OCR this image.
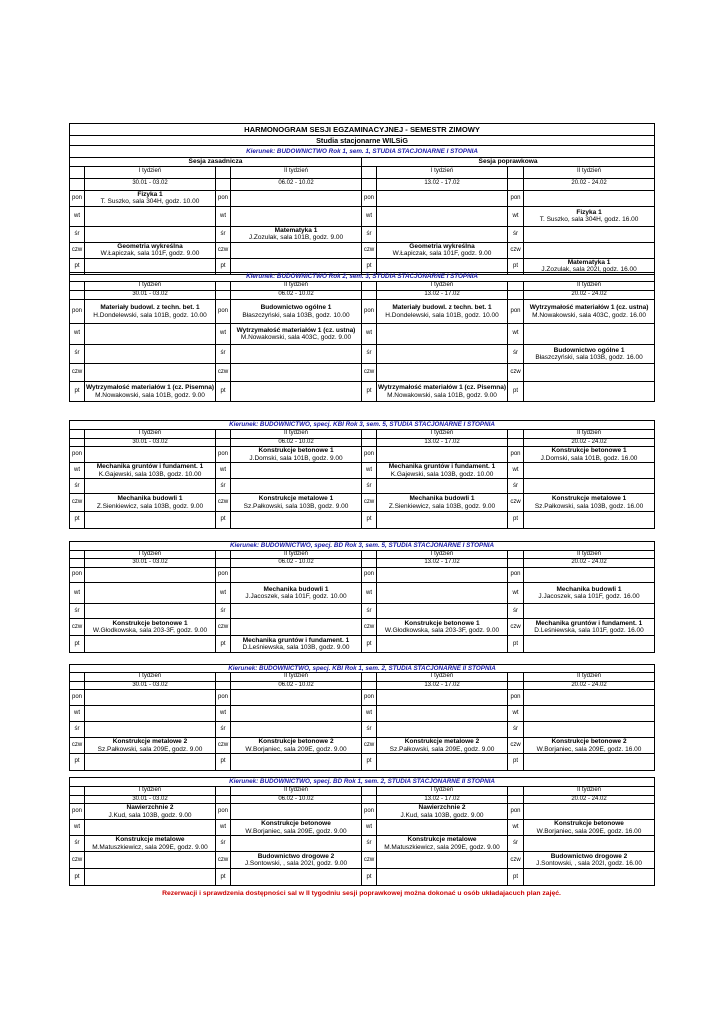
HARMONOGRAM SESJI EGZAMINACYJNEJ - SEMESTR ZIMOWY							
Studia stacjonarne WILSiG							
Kierunek: BUDOWNICTWO Rok 1, sem. 1, STUDIA STACJONARNE I STOPNIA							
Sesja zasadnicza				Sesja poprawkowa			
	I tydzień		II tydzień		I tydzień		II tydzień
	30.01 - 03.02		06.02 - 10.02		13.02 - 17.02		20.02 - 24.02
pon	Fizyka 1
T. Suszko, sala 304H, godz. 10.00	pon		pon		pon	

wt		wt		wt		wt	Fizyka 1
T. Suszko, sala 304H, godz. 16.00

śr		śr	Matematyka 1
J.Zozulak, sala 101B, godz. 9.00	śr		śr	

czw	Geometria wykreślna
W.Łapiczak, sala 101F, godz. 9.00	czw		czw	Geometria wykreślna
W.Łapiczak, sala 101F, godz. 9.00	czw	

pt		pt		pt		pt	Matematyka 1
J.Zozulak, sala 202I, godz. 16.00
Kierunek: BUDOWNICTWO Rok 2, sem. 3, STUDIA STACJONARNE I STOPNIA							
	I tydzień		II tydzień		I tydzień		II tydzień
	30.01 - 03.02		06.02 - 10.02		13.02 - 17.02		20.02 - 24.02
pon	Materiały budowl. z techn. bet. 1
H.Dondelewski, sala 101B, godz. 10.00	pon	Budownictwo ogólne 1
Błaszczyński, sala 103B, godz. 10.00	pon	Materiały budowl. z techn. bet. 1
H.Dondelewski, sala 101B, godz. 10.00	pon	Wytrzymałość materiałów 1 (cz. ustna)
M.Nowakowski, sala 403C, godz. 16.00

wt		wt	Wytrzymałość materiałów 1 (cz. ustna)
M.Nowakowski, sala 403C, godz. 9.00	wt		wt	

śr		śr		śr		śr	Budownictwo ogólne 1
Błaszczyński, sala 103B, godz. 16.00

czw		czw		czw		czw	

pt	Wytrzymałość materiałów 1 (cz. Pisemna)
M.Nowakowski, sala 101B, godz. 9.00	pt		pt	Wytrzymałość materiałów 1 (cz. Pisemna)
M.Nowakowski, sala 101B, godz. 9.00	pt	
Kierunek: BUDOWNICTWO, specj. KBI Rok 3, sem. 5, STUDIA STACJONARNE I STOPNIA							
	I tydzień		II tydzień		I tydzień		II tydzień
	30.01 - 03.02		06.02 - 10.02		13.02 - 17.02		20.02 - 24.02
pon		pon	Konstrukcje betonowe 1
J.Domski, sala 101B, godz. 9.00	pon		pon	Konstrukcje betonowe 1
J.Domski, sala 101B, godz. 16.00

wt	Mechanika gruntów i fundament. 1
K.Gajewski, sala 103B, godz. 10.00	wt		wt	Mechanika gruntów i fundament. 1
K.Gajewski, sala 103B, godz. 10.00	wt	

śr		śr		śr		śr	

czw	Mechanika budowli 1
Z.Sienkiewicz, sala 103B, godz. 9.00	czw	Konstrukcje metalowe 1
Sz.Pałkowski, sala 103B, godz. 9.00	czw	Mechanika budowli 1
Z.Sienkiewicz, sala 103B, godz. 9.00	czw	Konstrukcje metalowe 1
Sz.Pałkowski, sala 103B, godz. 16.00

pt		pt		pt		pt	
Kierunek: BUDOWNICTWO, specj. BD Rok 3, sem. 5, STUDIA STACJONARNE I STOPNIA							
	I tydzień		II tydzień		I tydzień		II tydzień
	30.01 - 03.02		06.02 - 10.02		13.02 - 17.02		20.02 - 24.02
pon		pon		pon		pon	

wt		wt	Mechanika budowli 1
J.Jacoszek, sala 101F, godz. 10.00	wt		wt	Mechanika budowli 1
J.Jacoszek, sala 101F, godz. 16.00

śr		śr		śr		śr	

czw	Konstrukcje betonowe 1
W.Głodkowska, sala 203-3F, godz. 9.00	czw		czw	Konstrukcje betonowe 1
W.Głodkowska, sala 203-3F, godz. 9.00	czw	Mechanika gruntów i fundament. 1
D.Leśniewska, sala 101F, godz. 16.00

pt		pt	Mechanika gruntów i fundament. 1
D.Leśniewska, sala 103B, godz. 9.00	pt		pt	
Kierunek: BUDOWNICTWO, specj. KBI Rok 1, sem. 2, STUDIA STACJONARNE II STOPNIA							
	I tydzień		II tydzień		I tydzień		II tydzień
	30.01 - 03.02		06.02 - 10.02		13.02 - 17.02		20.02 - 24.02
pon		pon		pon		pon	

wt		wt		wt		wt	

śr		śr		śr		śr	

czw	Konstrukcje metalowe 2
Sz.Pałkowski, sala 209E, godz. 9.00	czw	Konstrukcje betonowe 2
W.Borjaniec, sala 209E, godz. 9.00	czw	Konstrukcje metalowe 2
Sz.Pałkowski, sala 209E, godz. 9.00	czw	Konstrukcje betonowe 2
W.Borjaniec, sala 209E, godz. 16.00

pt		pt		pt		pt	
Kierunek: BUDOWNICTWO, specj. BD Rok 1, sem. 2, STUDIA STACJONARNE II STOPNIA							
	I tydzień		II tydzień		I tydzień		II tydzień
	30.01 - 03.02		06.02 - 10.02		13.02 - 17.02		20.02 - 24.02
pon	Nawierzchnie 2
J.Kud, sala 103B, godz. 9.00	pon		pon	Nawierzchnie 2
J.Kud, sala 103B, godz. 9.00	pon	

wt		wt	Konstrukcje betonowe
W.Borjaniec, sala 209E, godz. 9.00	wt		wt	Konstrukcje betonowe
W.Borjaniec, sala 209E, godz. 16.00

śr	Konstrukcje metalowe
M.Matuszkiewicz, sala 209E, godz. 9.00	śr		śr	Konstrukcje metalowe
M.Matuszkiewicz, sala 209E, godz. 9.00	śr	

czw		czw	Budownictwo drogowe 2
J.Sontowski, , sala 202I, godz. 9.00	czw		czw	Budownictwo drogowe 2
J.Sontowski, , sala 202I, godz. 16.00

pt		pt		pt		pt	
Rezerwacji i sprawdzenia dostępności sal w II tygodniu sesji poprawkowej można dokonać u osób układajacuch plan zajęć.
